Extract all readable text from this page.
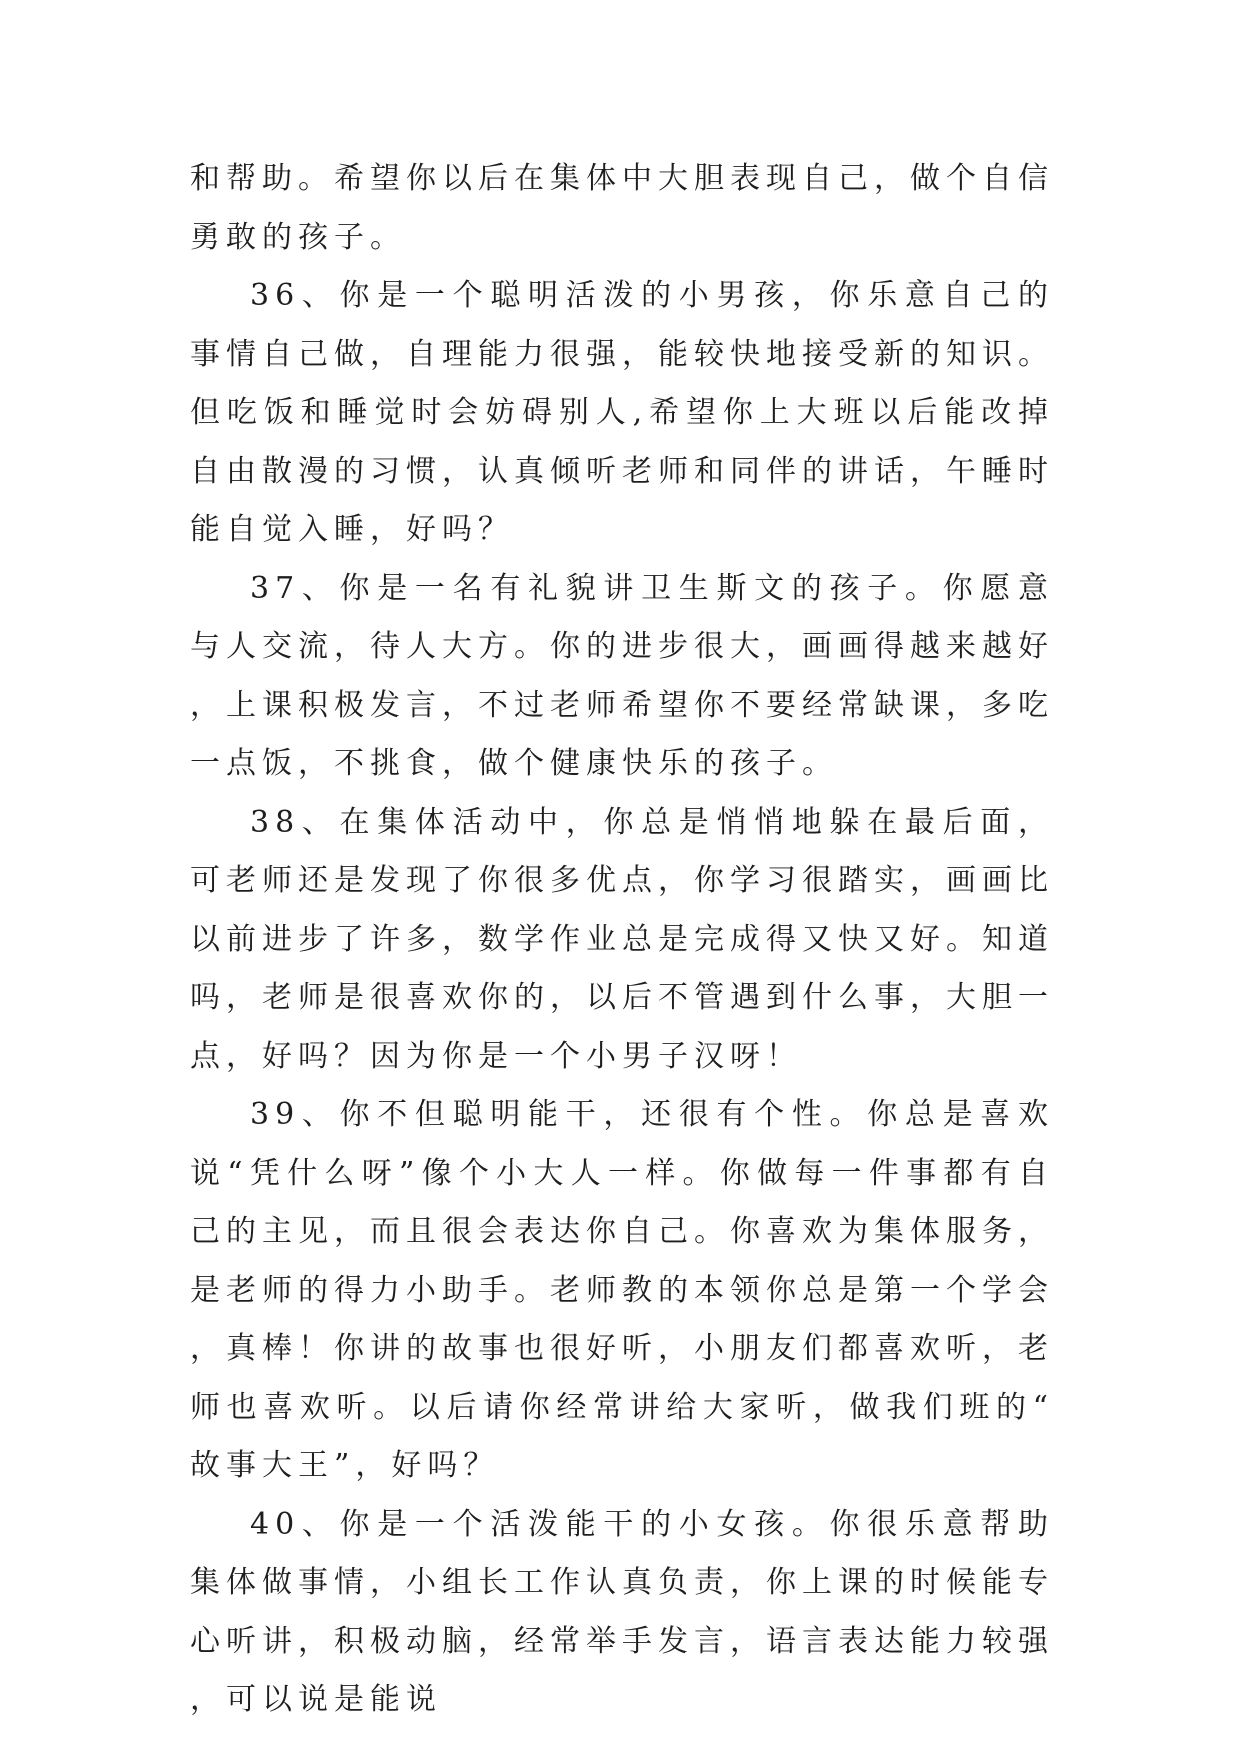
和帮助。希望你以后在集体中大胆表现自己，做个自信勇敢的孩子。

36、你是一个聪明活泼的小男孩，你乐意自己的事情自己做，自理能力很强，能较快地接受新的知识。但吃饭和睡觉时会妨碍别人,希望你上大班以后能改掉自由散漫的习惯，认真倾听老师和同伴的讲话，午睡时能自觉入睡，好吗？

37、你是一名有礼貌讲卫生斯文的孩子。你愿意与人交流，待人大方。你的进步很大，画画得越来越好，上课积极发言，不过老师希望你不要经常缺课，多吃一点饭，不挑食，做个健康快乐的孩子。

38、在集体活动中，你总是悄悄地躲在最后面，可老师还是发现了你很多优点，你学习很踏实，画画比以前进步了许多，数学作业总是完成得又快又好。知道吗，老师是很喜欢你的，以后不管遇到什么事，大胆一点，好吗？因为你是一个小男子汉呀！

39、你不但聪明能干，还很有个性。你总是喜欢说“凭什么呀”像个小大人一样。你做每一件事都有自己的主见，而且很会表达你自己。你喜欢为集体服务，是老师的得力小助手。老师教的本领你总是第一个学会，真棒！你讲的故事也很好听，小朋友们都喜欢听，老师也喜欢听。以后请你经常讲给大家听，做我们班的“故事大王”，好吗？

40、你是一个活泼能干的小女孩。你很乐意帮助集体做事情，小组长工作认真负责，你上课的时候能专心听讲，积极动脑，经常举手发言，语言表达能力较强，可以说是能说
